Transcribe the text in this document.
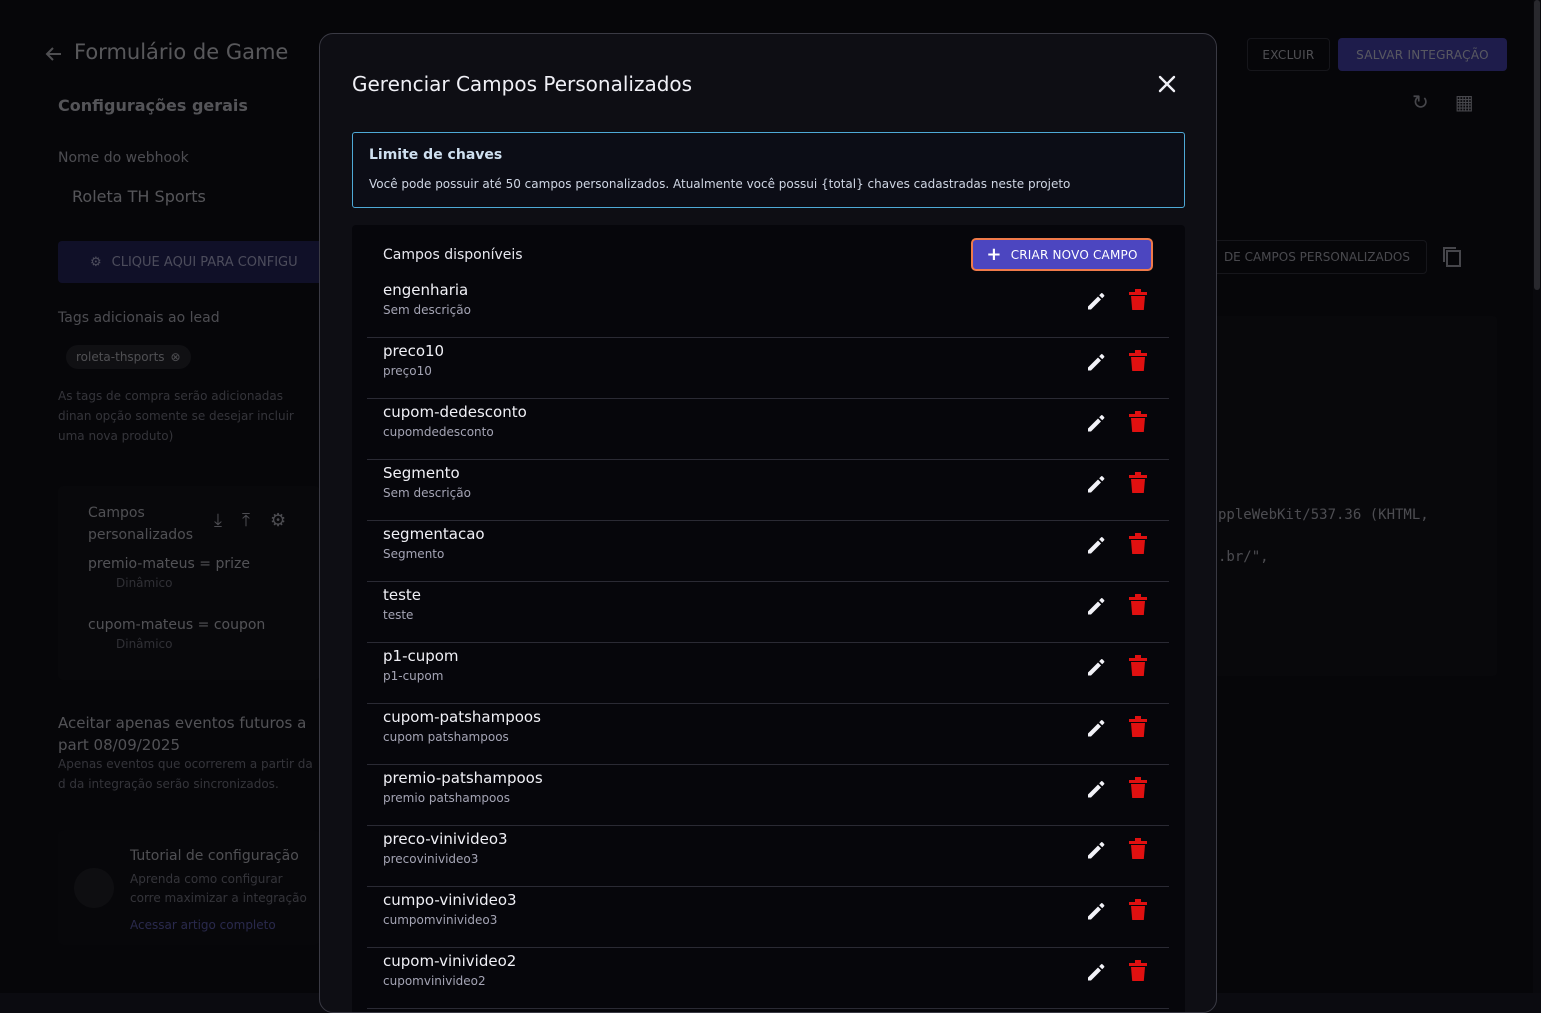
Gerenciar Campos Personalizados
Limite de chaves
Você pode possuir até 50 campos personalizados. Atualmente você possui {total} chaves cadastradas neste projeto
Campos disponíveis	+ CRIAR NOVO CAMPO
engenharia
Sem descrição
preco10
preço10
cupom-dedesconto
cupomdedesconto
Segmento
Sem descrição
segmentacao
Segmento
teste
teste
p1-cupom
p1-cupom
cupom-patshampoos
cupom patshampoos
premio-patshampoos
premio patshampoos
preco-vinivideo3
precovinivideo3
cumpo-vinivideo3
cumpomvinivideo3
cupom-vinivideo2
cupomvinivideo2
